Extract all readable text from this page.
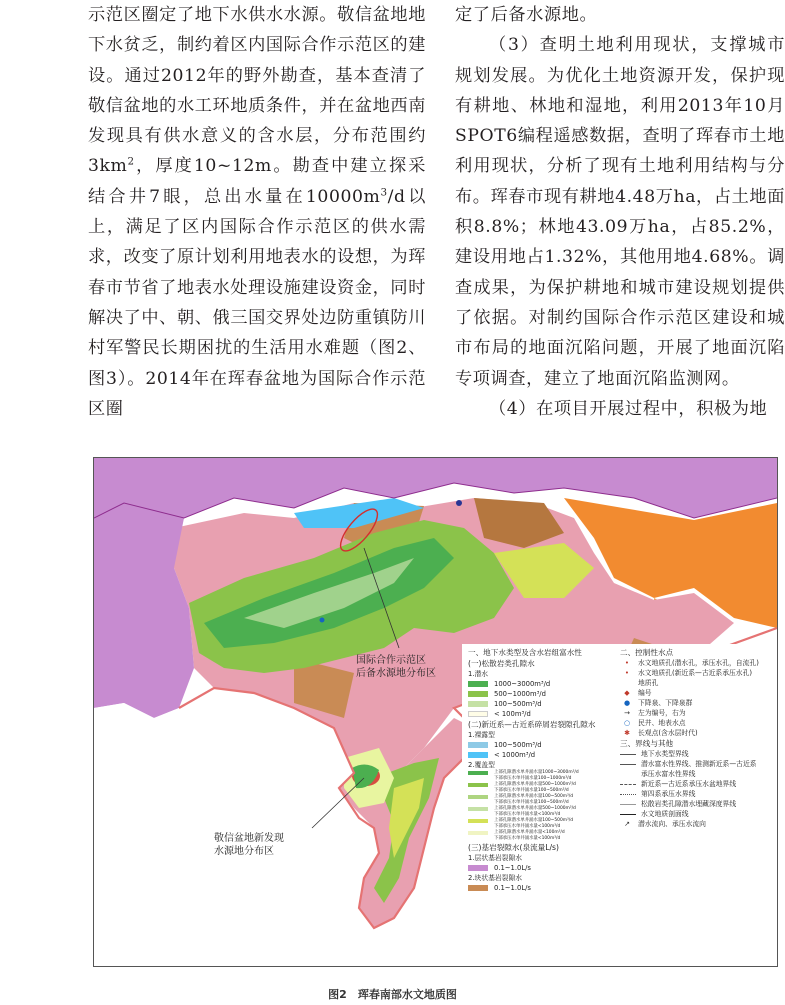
示范区圈定了地下水供水水源。敬信盆地地下水贫乏，制约着区内国际合作示范区的建设。通过2012年的野外勘查，基本查清了敬信盆地的水工环地质条件，并在盆地西南发现具有供水意义的含水层，分布范围约$3km^2$，厚度10~12m。勘查中建立探采结合井7眼，总出水量在$10000m^3/d$以上，满足了区内国际合作示范区的供水需求，改变了原计划利用地表水的设想，为珲春市节省了地表水处理设施建设资金，同时解决了中、朝、俄三国交界处边防重镇防川村军警民长期困扰的生活用水难题（图2、图3）。2014年在珲春盆地为国际合作示范区圈

定了后备水源地。

（3）查明土地利用现状，支撑城市规划发展。为优化土地资源开发，保护现有耕地、林地和湿地，利用2013年10月SPOT6编程遥感数据，查明了珲春市土地利用现状，分析了现有土地利用结构与分布。珲春市现有耕地4.48万ha，占土地面积8.8%；林地43.09万ha，占85.2%，建设用地占1.32%，其他用地4.68%。调查成果，为保护耕地和城市建设规划提供了依据。对制约国际合作示范区建设和城市布局的地面沉陷问题，开展了地面沉陷专项调查，建立了地面沉陷监测网。

（4）在项目开展过程中，积极为地

国际合作示范区
后备水源地分布区
敬信盆地新发现
水源地分布区
一、地下水类型及含水岩组富水性
(一)松散岩类孔隙水
1.潜水
1000~3000m³/d
500~1000m³/d
100~500m³/d
< 100m³/d
(二)新近系—古近系碎屑岩裂隙孔隙水
1.裸露型
100~500m³/d
< 1000m³/d
2.覆盖型
上部孔隙潜水单井涌水量1000~3000m³/d
下部承压水单井涌水量100~1000m³/d
上部孔隙潜水单井涌水量500~1000m³/d
下部承压水单井涌水量100~500m³/d
上部孔隙潜水单井涌水量100~500m³/d
下部承压水单井涌水量100~500m³/d
上部孔隙潜水单井涌水量500~1000m³/d
下部承压水单井涌水量<100m³/d
上部孔隙潜水单井涌水量100~500m³/d
下部承压水单井涌水量<100m³/d
上部孔隙潜水单井涌水量<100m³/d
下部承压水单井涌水量<100m³/d
(三)基岩裂隙水(泉流量L/s)
1.层状基岩裂隙水
0.1~1.0L/s
2.块状基岩裂隙水
0.1~1.0L/s
二、控制性水点
•	水文地质孔(潜水孔，承压水孔，自流孔)
•	水文地质孔(新近系—古近系承压水孔)
地质孔
◆	编号
●	下降泉、下降泉群
→	左为编号，右为
○	民井、地表水点
✱	长观点(含水层时代)
三、界线与其他
地下水类型界线
潜水富水性界线、推测新近系—古近系承压水富水性界线
新近系—古近系承压水盆地界线
第四系承压水界线
松散岩类孔隙潜水埋藏深度界线
水文地质剖面线
↗	潜水流向、承压水流向
图2　珲春南部水文地质图
